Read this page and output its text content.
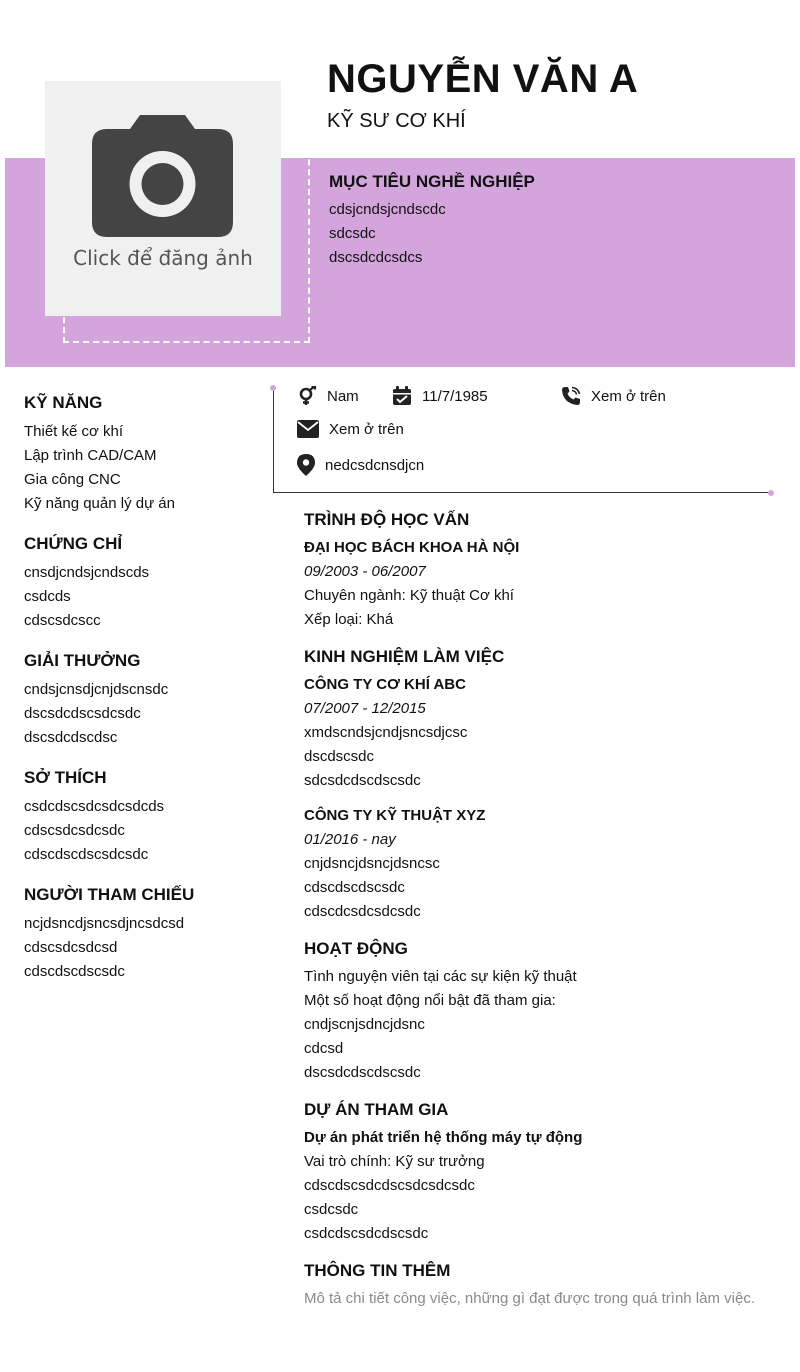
Click để đăng ảnh
NGUYỄN VĂN A
KỸ SƯ CƠ KHÍ
MỤC TIÊU NGHỀ NGHIỆP

cdsjcndsjcndscdc

sdcsdc

dscsdcdcsdcs

KỸ NĂNG

Thiết kế cơ khí

Lập trình CAD/CAM

Gia công CNC

Kỹ năng quản lý dự án

CHỨNG CHỈ

cnsdjcndsjcndscds

csdcds

cdscsdcscc

GIẢI THƯỞNG

cndsjcnsdjcnjdscnsdc

dscsdcdscsdcsdc

dscsdcdscdsc

SỞ THÍCH

csdcdscsdcsdcsdcds

cdscsdcsdcsdc

cdscdscdscsdcsdc

NGƯỜI THAM CHIẾU

ncjdsncdjsncsdjncsdcsd

cdscsdcsdcsd

cdscdscdscsdc

Nam	11/7/1985	Xem ở trên
Xem ở trên
nedcsdcnsdjcn
TRÌNH ĐỘ HỌC VẤN
ĐẠI HỌC BÁCH KHOA HÀ NỘI
09/2003 - 06/2007

Chuyên ngành: Kỹ thuật Cơ khí

Xếp loại: Khá

KINH NGHIỆM LÀM VIỆC
CÔNG TY CƠ KHÍ ABC
07/2007 - 12/2015

xmdscndsjcndjsncsdjcsc

dscdscsdc

sdcsdcdscdscsdc

CÔNG TY KỸ THUẬT XYZ
01/2016 - nay

cnjdsncjdsncjdsncsc

cdscdscdscsdc

cdscdcsdcsdcsdc

HOẠT ĐỘNG

Tình nguyện viên tại các sự kiện kỹ thuật

Một số hoạt động nổi bật đã tham gia:

cndjscnjsdncjdsnc

cdcsd

dscsdcdscdscsdc

DỰ ÁN THAM GIA
Dự án phát triển hệ thống máy tự động

Vai trò chính: Kỹ sư trưởng

cdscdscsdcdscsdcsdcsdc

csdcsdc

csdcdscsdcdscsdc

THÔNG TIN THÊM

Mô tả chi tiết công việc, những gì đạt được trong quá trình làm việc.
